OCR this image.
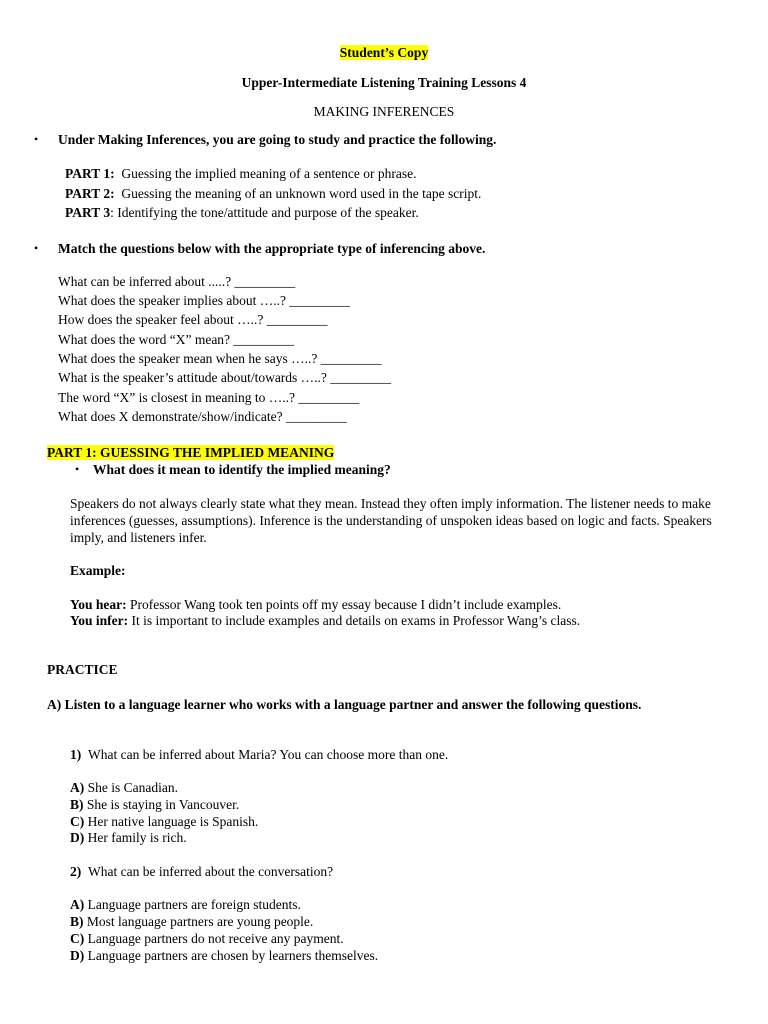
Student’s Copy
Upper-Intermediate Listening Training Lessons 4
MAKING INFERENCES
• Under Making Inferences, you are going to study and practice the following.
PART 1: Guessing the implied meaning of a sentence or phrase.
PART 2: Guessing the meaning of an unknown word used in the tape script.
PART 3: Identifying the tone/attitude and purpose of the speaker.
• Match the questions below with the appropriate type of inferencing above.
What can be inferred about .....? _________
What does the speaker implies about …..? _________
How does the speaker feel about …..? _________
What does the word “X” mean? _________
What does the speaker mean when he says …..? _________
What is the speaker’s attitude about/towards …..? _________
The word “X” is closest in meaning to …..? _________
What does X demonstrate/show/indicate? _________
PART 1: GUESSING THE IMPLIED MEANING
• What does it mean to identify the implied meaning?
Speakers do not always clearly state what they mean. Instead they often imply information. The listener needs to make inferences (guesses, assumptions). Inference is the understanding of unspoken ideas based on logic and facts. Speakers imply, and listeners infer.
Example:
You hear: Professor Wang took ten points off my essay because I didn’t include examples.
You infer: It is important to include examples and details on exams in Professor Wang’s class.
PRACTICE
A) Listen to a language learner who works with a language partner and answer the following questions.
1) What can be inferred about Maria? You can choose more than one.
A) She is Canadian.
B) She is staying in Vancouver.
C) Her native language is Spanish.
D) Her family is rich.
2) What can be inferred about the conversation?
A) Language partners are foreign students.
B) Most language partners are young people.
C) Language partners do not receive any payment.
D) Language partners are chosen by learners themselves.
